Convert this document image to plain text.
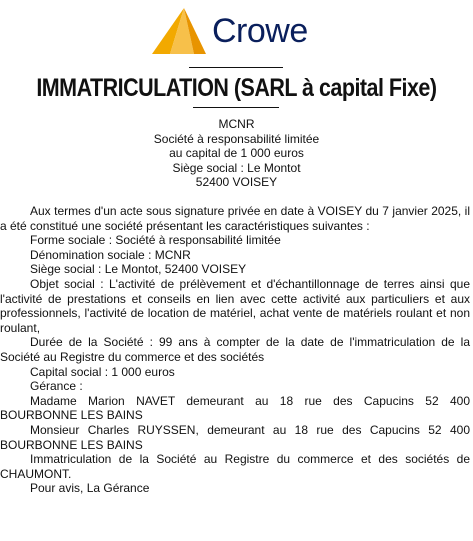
Crowe
IMMATRICULATION (SARL à capital Fixe)
MCNR
Société à responsabilité limitée
au capital de 1 000 euros
Siège social : Le Montot
52400 VOISEY

Aux termes d'un acte sous signature privée en date à VOISEY du 7 janvier 2025, il a été constitué une société présentant les caractéristiques suivantes :

Forme sociale : Société à responsabilité limitée

Dénomination sociale : MCNR

Siège social : Le Montot, 52400 VOISEY

Objet social : L'activité de prélèvement et d'échantillonnage de terres ainsi que l'activité de prestations et conseils en lien avec cette activité aux particuliers et aux professionnels, l'activité de location de matériel, achat vente de matériels roulant et non roulant,

Durée de la Société : 99 ans à compter de la date de l'immatriculation de la Société au Registre du commerce et des sociétés

Capital social : 1 000 euros

Gérance :

Madame Marion NAVET demeurant au 18 rue des Capucins 52 400 BOURBONNE LES BAINS

Monsieur Charles RUYSSEN, demeurant au 18 rue des Capucins 52 400 BOURBONNE LES BAINS

Immatriculation de la Société au Registre du commerce et des sociétés de CHAUMONT.

Pour avis, La Gérance
